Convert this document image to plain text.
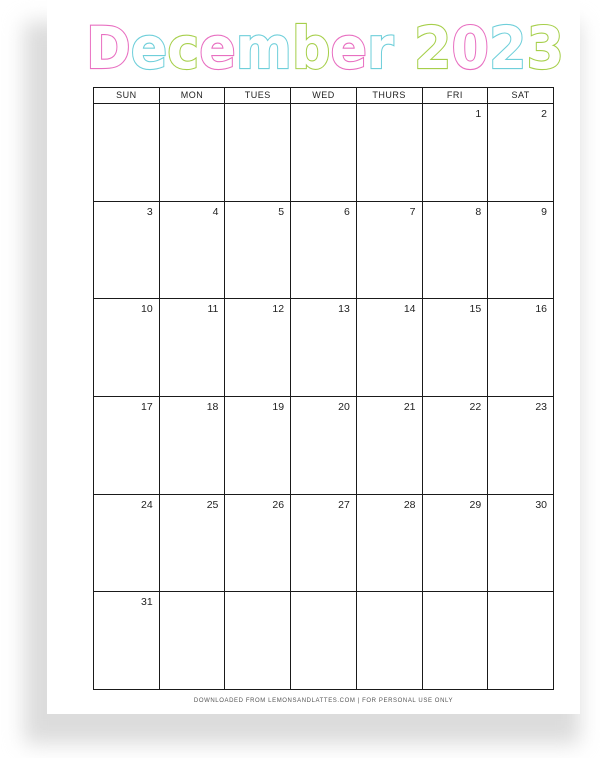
December 2023
SUN	MON	TUES	WED	THURS	FRI	SAT
					1	2
3	4	5	6	7	8	9
10	11	12	13	14	15	16
17	18	19	20	21	22	23
24	25	26	27	28	29	30
31						
DOWNLOADED FROM LEMONSANDLATTES.COM | FOR PERSONAL USE ONLY
